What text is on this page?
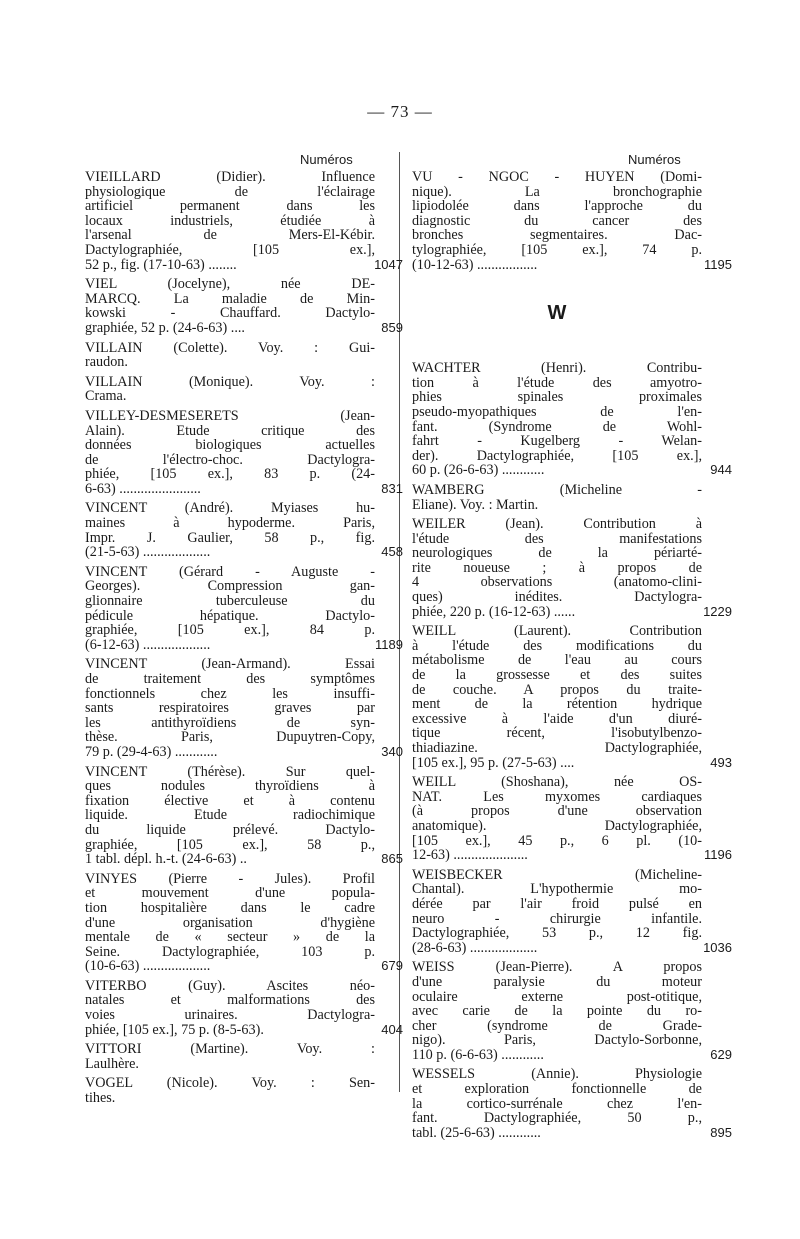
— 73 —
Numéros	Numéros
VIEILLARD (Didier). Influence
physiologique de l'éclairage
artificiel permanent dans les
locaux industriels, étudiée à
l'arsenal de Mers-El-Kébir.
Dactylographiée, [105 ex.],
52 p., fig. (17-10-63) ........	1047
VIEL (Jocelyne), née DE-
MARCQ. La maladie de Min-
kowski - Chauffard. Dactylo-
graphiée, 52 p. (24-6-63) ....	859
VILLAIN (Colette). Voy. : Gui-
raudon.
VILLAIN (Monique). Voy. :
Crama.
VILLEY-DESMESERETS (Jean-
Alain). Etude critique des
données biologiques actuelles
de l'électro-choc. Dactylogra-
phiée, [105 ex.], 83 p. (24-
6-63) .......................	831
VINCENT (André). Myiases hu-
maines à hypoderme. Paris,
Impr. J. Gaulier, 58 p., fig.
(21-5-63) ...................	458
VINCENT (Gérard - Auguste -
Georges). Compression gan-
glionnaire tuberculeuse du
pédicule hépatique. Dactylo-
graphiée, [105 ex.], 84 p.
(6-12-63) ...................	1189
VINCENT (Jean-Armand). Essai
de traitement des symptômes
fonctionnels chez les insuffi-
sants respiratoires graves par
les antithyroïdiens de syn-
thèse. Paris, Dupuytren-Copy,
79 p. (29-4-63) ............	340
VINCENT (Thérèse). Sur quel-
ques nodules thyroïdiens à
fixation élective et à contenu
liquide. Etude radiochimique
du liquide prélevé. Dactylo-
graphiée, [105 ex.], 58 p.,
1 tabl. dépl. h.-t. (24-6-63) ..	865
VINYES (Pierre - Jules). Profil
et mouvement d'une popula-
tion hospitalière dans le cadre
d'une organisation d'hygiène
mentale de « secteur » de la
Seine. Dactylographiée, 103 p.
(10-6-63) ...................	679
VITERBO (Guy). Ascites néo-
natales et malformations des
voies urinaires. Dactylogra-
phiée, [105 ex.], 75 p. (8-5-63).	404
VITTORI (Martine). Voy. :
Laulhère.
VOGEL (Nicole). Voy. : Sen-
tihes.
VU - NGOC - HUYEN (Domi-
nique). La bronchographie
lipiodolée dans l'approche du
diagnostic du cancer des
bronches segmentaires. Dac-
tylographiée, [105 ex.], 74 p.
(10-12-63) .................	1195
W
WACHTER (Henri). Contribu-
tion à l'étude des amyotro-
phies spinales proximales
pseudo-myopathiques de l'en-
fant. (Syndrome de Wohl-
fahrt - Kugelberg - Welan-
der). Dactylographiée, [105 ex.],
60 p. (26-6-63) ............	944
WAMBERG (Micheline -
Eliane). Voy. : Martin.
WEILER (Jean). Contribution à
l'étude des manifestations
neurologiques de la périarté-
rite noueuse ; à propos de
4 observations (anatomo-clini-
ques) inédites. Dactylogra-
phiée, 220 p. (16-12-63) ......	1229
WEILL (Laurent). Contribution
à l'étude des modifications du
métabolisme de l'eau au cours
de la grossesse et des suites
de couche. A propos du traite-
ment de la rétention hydrique
excessive à l'aide d'un diuré-
tique récent, l'isobutylbenzo-
thiadiazine. Dactylographiée,
[105 ex.], 95 p. (27-5-63) ....	493
WEILL (Shoshana), née OS-
NAT. Les myxomes cardiaques
(à propos d'une observation
anatomique). Dactylographiée,
[105 ex.], 45 p., 6 pl. (10-
12-63) .....................	1196
WEISBECKER (Micheline-
Chantal). L'hypothermie mo-
dérée par l'air froid pulsé en
neuro - chirurgie infantile.
Dactylographiée, 53 p., 12 fig.
(28-6-63) ...................	1036
WEISS (Jean-Pierre). A propos
d'une paralysie du moteur
oculaire externe post-otitique,
avec carie de la pointe du ro-
cher (syndrome de Grade-
nigo). Paris, Dactylo-Sorbonne,
110 p. (6-6-63) ............	629
WESSELS (Annie). Physiologie
et exploration fonctionnelle de
la cortico-surrénale chez l'en-
fant. Dactylographiée, 50 p.,
tabl. (25-6-63) ............	895
